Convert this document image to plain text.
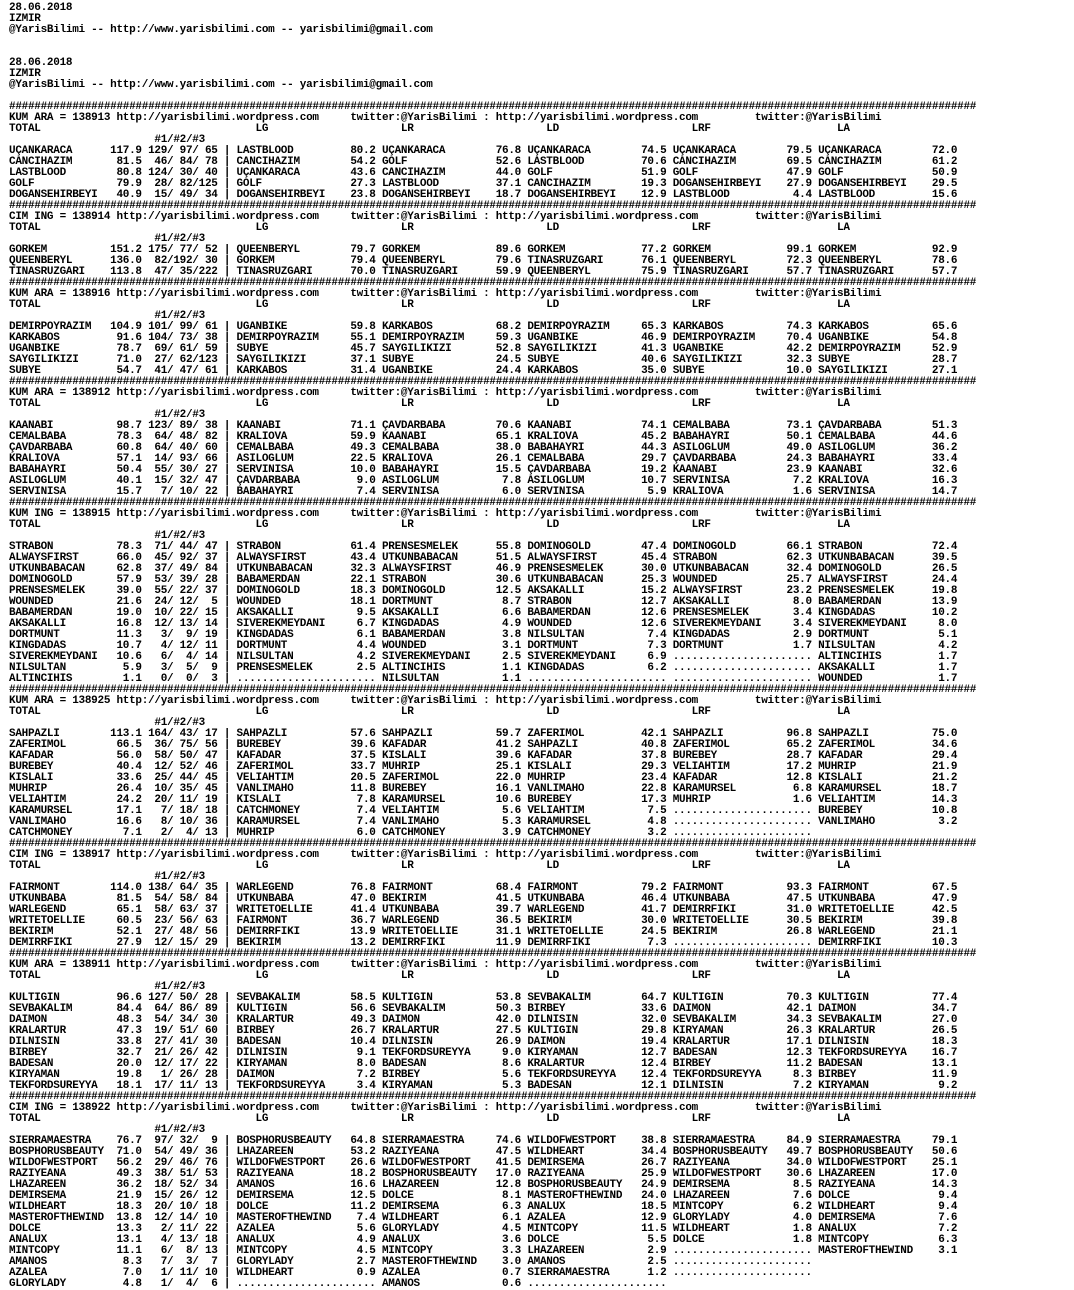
28.06.2018
IZMIR
@YarisBilimi -- http://www.yarisbilimi.com -- yarisbilimi@gmail.com
28.06.2018
IZMIR
@YarisBilimi -- http://www.yarisbilimi.com -- yarisbilimi@gmail.com
#########################################################################################################################################################
KUM ARA = 138913 http://yarisbilimi.wordpress.com     twitter:@YarisBilimi : http://yarisbilimi.wordpress.com         twitter:@YarisBilimi
TOTAL                                  LG                     LR                     LD                     LRF                    LA
#1/#2/#3
UÇANKARACA      117.9 129/ 97/ 65 | LASTBLOOD         80.2 UÇANKARACA        76.8 UÇANKARACA        74.5 UÇANKARACA        79.5 UÇANKARACA        72.0
CANCIHAZIM       81.5  46/ 84/ 78 | CANCIHAZIM        54.2 GOLF              52.6 LASTBLOOD         70.6 CANCIHAZIM        69.5 CANCIHAZIM        61.2
LASTBLOOD        80.8 124/ 30/ 40 | UÇANKARACA        43.6 CANCIHAZIM        44.0 GOLF              51.9 GOLF              47.9 GOLF              50.9
GOLF             79.9  28/ 82/125 | GOLF              27.3 LASTBLOOD         37.1 CANCIHAZIM        19.3 DOGANSEHIRBEYI    27.9 DOGANSEHIRBEYI    29.5
DOGANSEHIRBEYI   40.9  15/ 49/ 34 | DOGANSEHIRBEYI    23.8 DOGANSEHIRBEYI    18.7 DOGANSEHIRBEYI    12.9 LASTBLOOD          4.4 LASTBLOOD         15.6
#########################################################################################################################################################
CIM ING = 138914 http://yarisbilimi.wordpress.com     twitter:@YarisBilimi : http://yarisbilimi.wordpress.com         twitter:@YarisBilimi
TOTAL                                  LG                     LR                     LD                     LRF                    LA
#1/#2/#3
GORKEM          151.2 175/ 77/ 52 | QUEENBERYL        79.7 GORKEM            89.6 GORKEM            77.2 GORKEM            99.1 GORKEM            92.9
QUEENBERYL      136.0  82/192/ 30 | GORKEM            79.4 QUEENBERYL        79.6 TINASRUZGARI      76.1 QUEENBERYL        72.3 QUEENBERYL        78.6
TINASRUZGARI    113.8  47/ 35/222 | TINASRUZGARI      70.0 TINASRUZGARI      59.9 QUEENBERYL        75.9 TINASRUZGARI      57.7 TINASRUZGARI      57.7
#########################################################################################################################################################
KUM ARA = 138916 http://yarisbilimi.wordpress.com     twitter:@YarisBilimi : http://yarisbilimi.wordpress.com         twitter:@YarisBilimi
TOTAL                                  LG                     LR                     LD                     LRF                    LA
#1/#2/#3
DEMIRPOYRAZIM   104.9 101/ 99/ 61 | UGANBIKE          59.8 KARKABOS          68.2 DEMIRPOYRAZIM     65.3 KARKABOS          74.3 KARKABOS          65.6
KARKABOS         91.6 104/ 73/ 38 | DEMIRPOYRAZIM     55.1 DEMIRPOYRAZIM     59.3 UGANBIKE          46.9 DEMIRPOYRAZIM     70.4 UGANBIKE          54.8
UGANBIKE         78.7  69/ 61/ 59 | SUBYE             45.7 SAYGILIKIZI       52.8 SAYGILIKIZI       41.3 UGANBIKE          42.2 DEMIRPOYRAZIM     52.9
SAYGILIKIZI      71.0  27/ 62/123 | SAYGILIKIZI       37.1 SUBYE             24.5 SUBYE             40.6 SAYGILIKIZI       32.3 SUBYE             28.7
SUBYE            54.7  41/ 47/ 61 | KARKABOS          31.4 UGANBIKE          24.4 KARKABOS          35.0 SUBYE             10.0 SAYGILIKIZI       27.1
#########################################################################################################################################################
KUM ARA = 138912 http://yarisbilimi.wordpress.com     twitter:@YarisBilimi : http://yarisbilimi.wordpress.com         twitter:@YarisBilimi
TOTAL                                  LG                     LR                     LD                     LRF                    LA
#1/#2/#3
KAANABI          98.7 123/ 89/ 38 | KAANABI           71.1 ÇAVDARBABA        70.6 KAANABI           74.1 CEMALBABA         73.1 ÇAVDARBABA        51.3
CEMALBABA        78.3  64/ 48/ 82 | KRALIOVA          59.9 KAANABI           65.1 KRALIOVA          45.2 BABAHAYRI         50.1 CEMALBABA         44.6
ÇAVDARBABA       60.8  64/ 40/ 60 | CEMALBABA         49.3 CEMALBABA         38.0 BABAHAYRI         44.3 ASILOGLUM         49.0 ASILOGLUM         36.2
KRALIOVA         57.1  14/ 93/ 66 | ASILOGLUM         22.5 KRALIOVA          26.1 CEMALBABA         29.7 ÇAVDARBABA        24.3 BABAHAYRI         33.4
BABAHAYRI        50.4  55/ 30/ 27 | SERVINISA         10.0 BABAHAYRI         15.5 ÇAVDARBABA        19.2 KAANABI           23.9 KAANABI           32.6
ASILOGLUM        40.1  15/ 32/ 47 | ÇAVDARBABA         9.0 ASILOGLUM          7.8 ASILOGLUM         10.7 SERVINISA          7.2 KRALIOVA          16.3
SERVINISA        15.7   7/ 10/ 22 | BABAHAYRI          7.4 SERVINISA          6.0 SERVINISA          5.9 KRALIOVA           1.6 SERVINISA         14.7
#########################################################################################################################################################
KUM ING = 138915 http://yarisbilimi.wordpress.com     twitter:@YarisBilimi : http://yarisbilimi.wordpress.com         twitter:@YarisBilimi
TOTAL                                  LG                     LR                     LD                     LRF                    LA
#1/#2/#3
STRABON          78.3  71/ 44/ 47 | STRABON           61.4 PRENSESMELEK      55.8 DOMINOGOLD        47.4 DOMINOGOLD        66.1 STRABON           72.4
ALWAYSFIRST      66.0  45/ 92/ 37 | ALWAYSFIRST       43.4 UTKUNBABACAN      51.5 ALWAYSFIRST       45.4 STRABON           62.3 UTKUNBABACAN      39.5
UTKUNBABACAN     62.8  37/ 49/ 84 | UTKUNBABACAN      32.3 ALWAYSFIRST       46.9 PRENSESMELEK      30.0 UTKUNBABACAN      32.4 DOMINOGOLD        26.5
DOMINOGOLD       57.9  53/ 39/ 28 | BABAMERDAN        22.1 STRABON           30.6 UTKUNBABACAN      25.3 WOUNDED           25.7 ALWAYSFIRST       24.4
PRENSESMELEK     39.0  55/ 22/ 37 | DOMINOGOLD        18.3 DOMINOGOLD        12.5 AKSAKALLI         15.2 ALWAYSFIRST       23.2 PRENSESMELEK      19.8
WOUNDED          21.6  24/ 12/  5 | WOUNDED           18.1 DORTMUNT           8.7 STRABON           12.7 AKSAKALLI          8.0 BABAMERDAN        13.9
BABAMERDAN       19.0  10/ 22/ 15 | AKSAKALLI          9.5 AKSAKALLI          6.6 BABAMERDAN        12.6 PRENSESMELEK       3.4 KINGDADAS         10.2
AKSAKALLI        16.8  12/ 13/ 14 | SIVEREKMEYDANI     6.7 KINGDADAS          4.9 WOUNDED           12.6 SIVEREKMEYDANI     3.4 SIVEREKMEYDANI     8.0
DORTMUNT         11.3   3/  9/ 19 | KINGDADAS          6.1 BABAMERDAN         3.8 NILSULTAN          7.4 KINGDADAS          2.9 DORTMUNT           5.1
KINGDADAS        10.7   4/ 12/ 11 | DORTMUNT           4.4 WOUNDED            3.1 DORTMUNT           7.3 DORTMUNT           1.7 NILSULTAN          4.2
SIVEREKMEYDANI   10.6   6/  4/ 14 | NILSULTAN          4.2 SIVEREKMEYDANI     2.5 SIVEREKMEYDANI     6.9 ...................... ALTINCIHIS         1.7
NILSULTAN         5.9   3/  5/  9 | PRENSESMELEK       2.5 ALTINCIHIS         1.1 KINGDADAS          6.2 ...................... AKSAKALLI          1.7
ALTINCIHIS        1.1   0/  0/  3 | ...................... NILSULTAN          1.1 ...................... ...................... WOUNDED            1.7
#########################################################################################################################################################
KUM ARA = 138925 http://yarisbilimi.wordpress.com     twitter:@YarisBilimi : http://yarisbilimi.wordpress.com         twitter:@YarisBilimi
TOTAL                                  LG                     LR                     LD                     LRF                    LA
#1/#2/#3
SAHPAZLI        113.1 164/ 43/ 17 | SAHPAZLI          57.6 SAHPAZLI          59.7 ZAFERIMOL         42.1 SAHPAZLI          96.8 SAHPAZLI          75.0
ZAFERIMOL        66.5  36/ 75/ 56 | BUREBEY           39.6 KAFADAR           41.2 SAHPAZLI          40.8 ZAFERIMOL         65.2 ZAFERIMOL         34.6
KAFADAR          56.0  58/ 50/ 47 | KAFADAR           37.5 KISLALI           39.6 KAFADAR           37.8 BUREBEY           28.7 KAFADAR           29.4
BUREBEY          40.4  12/ 52/ 46 | ZAFERIMOL         33.7 MUHRIP            25.1 KISLALI           29.3 VELIAHTIM         17.2 MUHRIP            21.9
KISLALI          33.6  25/ 44/ 45 | VELIAHTIM         20.5 ZAFERIMOL         22.0 MUHRIP            23.4 KAFADAR           12.8 KISLALI           21.2
MUHRIP           26.4  10/ 35/ 45 | VANLIMAHO         11.8 BUREBEY           16.1 VANLIMAHO         22.8 KARAMURSEL         6.8 KARAMURSEL        18.7
VELIAHTIM        24.2  20/ 11/ 19 | KISLALI            7.8 KARAMURSEL        10.6 BUREBEY           17.3 MUHRIP             1.6 VELIAHTIM         14.3
KARAMURSEL       17.1   7/ 18/ 18 | CATCHMONEY         7.4 VELIAHTIM          5.6 VELIAHTIM          7.5 ...................... BUREBEY           10.8
VANLIMAHO        16.6   8/ 10/ 36 | KARAMURSEL         7.4 VANLIMAHO          5.3 KARAMURSEL         4.8 ...................... VANLIMAHO          3.2
CATCHMONEY        7.1   2/  4/ 13 | MUHRIP             6.0 CATCHMONEY         3.9 CATCHMONEY         3.2 ......................
#########################################################################################################################################################
CIM ING = 138917 http://yarisbilimi.wordpress.com     twitter:@YarisBilimi : http://yarisbilimi.wordpress.com         twitter:@YarisBilimi
TOTAL                                  LG                     LR                     LD                     LRF                    LA
#1/#2/#3
FAIRMONT        114.0 138/ 64/ 35 | WARLEGEND         76.8 FAIRMONT          68.4 FAIRMONT          79.2 FAIRMONT          93.3 FAIRMONT          67.5
UTKUNBABA        81.5  54/ 58/ 84 | UTKUNBABA         47.0 BEKIRIM           41.5 UTKUNBABA         46.4 UTKUNBABA         47.5 UTKUNBABA         47.9
WARLEGEND        65.1  58/ 63/ 37 | WRITETOELLIE      41.4 UTKUNBABA         39.7 WARLEGEND         41.7 DEMIRRFIKI        31.0 WRITETOELLIE      42.5
WRITETOELLIE     60.5  23/ 56/ 63 | FAIRMONT          36.7 WARLEGEND         36.5 BEKIRIM           30.0 WRITETOELLIE      30.5 BEKIRIM           39.8
BEKIRIM          52.1  27/ 48/ 56 | DEMIRRFIKI        13.9 WRITETOELLIE      31.1 WRITETOELLIE      24.5 BEKIRIM           26.8 WARLEGEND         21.1
DEMIRRFIKI       27.9  12/ 15/ 29 | BEKIRIM           13.2 DEMIRRFIKI        11.9 DEMIRRFIKI         7.3 ...................... DEMIRRFIKI        10.3
#########################################################################################################################################################
KUM ARA = 138911 http://yarisbilimi.wordpress.com     twitter:@YarisBilimi : http://yarisbilimi.wordpress.com         twitter:@YarisBilimi
TOTAL                                  LG                     LR                     LD                     LRF                    LA
#1/#2/#3
KULTIGIN         96.6 127/ 50/ 28 | SEVBAKALIM        58.5 KULTIGIN          53.8 SEVBAKALIM        64.7 KULTIGIN          70.3 KULTIGIN          77.4
SEVBAKALIM       84.4  64/ 86/ 89 | KULTIGIN          56.6 SEVBAKALIM        50.3 BIRBEY            33.6 DAIMON            42.1 DAIMON            34.7
DAIMON           48.3  54/ 34/ 30 | KRALARTUR         49.3 DAIMON            42.0 DILNISIN          32.0 SEVBAKALIM        34.3 SEVBAKALIM        27.0
KRALARTUR        47.3  19/ 51/ 60 | BIRBEY            26.7 KRALARTUR         27.5 KULTIGIN          29.8 KIRYAMAN          26.3 KRALARTUR         26.5
DILNISIN         33.8  27/ 41/ 30 | BADESAN           10.4 DILNISIN          26.9 DAIMON            19.4 KRALARTUR         17.1 DILNISIN          18.3
BIRBEY           32.7  21/ 26/ 42 | DILNISIN           9.1 TEKFORDSUREYYA     9.0 KIRYAMAN          12.7 BADESAN           12.3 TEKFORDSUREYYA    16.7
BADESAN          20.0  12/ 17/ 22 | KIRYAMAN           8.0 BADESAN            8.6 KRALARTUR         12.4 BIRBEY            11.2 BADESAN           13.1
KIRYAMAN         19.8   1/ 26/ 28 | DAIMON             7.2 BIRBEY             5.6 TEKFORDSUREYYA    12.4 TEKFORDSUREYYA     8.3 BIRBEY            11.9
TEKFORDSUREYYA   18.1  17/ 11/ 13 | TEKFORDSUREYYA     3.4 KIRYAMAN           5.3 BADESAN           12.1 DILNISIN           7.2 KIRYAMAN           9.2
#########################################################################################################################################################
CIM ING = 138922 http://yarisbilimi.wordpress.com     twitter:@YarisBilimi : http://yarisbilimi.wordpress.com         twitter:@YarisBilimi
TOTAL                                  LG                     LR                     LD                     LRF                    LA
#1/#2/#3
SIERRAMAESTRA    76.7  97/ 32/  9 | BOSPHORUSBEAUTY   64.8 SIERRAMAESTRA     74.6 WILDOFWESTPORT    38.8 SIERRAMAESTRA     84.9 SIERRAMAESTRA     79.1
BOSPHORUSBEAUTY  71.0  54/ 49/ 36 | LHAZAREEN         53.2 RAZIYEANA         47.5 WILDHEART         34.4 BOSPHORUSBEAUTY   49.7 BOSPHORUSBEAUTY   50.6
WILDOFWESTPORT   56.2  29/ 46/ 76 | WILDOFWESTPORT    26.6 WILDOFWESTPORT    41.5 DEMIRSEMA         26.7 RAZIYEANA         34.0 WILDOFWESTPORT    25.1
RAZIYEANA        49.3  38/ 51/ 53 | RAZIYEANA         18.2 BOSPHORUSBEAUTY   17.0 RAZIYEANA         25.9 WILDOFWESTPORT    30.6 LHAZAREEN         17.0
LHAZAREEN        36.2  18/ 52/ 34 | AMANOS            16.6 LHAZAREEN         12.8 BOSPHORUSBEAUTY   24.9 DEMIRSEMA          8.5 RAZIYEANA         14.3
DEMIRSEMA        21.9  15/ 26/ 12 | DEMIRSEMA         12.5 DOLCE              8.1 MASTEROFTHEWIND   24.0 LHAZAREEN          7.6 DOLCE              9.4
WILDHEART        18.3  20/ 10/ 18 | DOLCE             11.2 DEMIRSEMA          6.3 ANALUX            18.5 MINTCOPY           6.2 WILDHEART          9.4
MASTEROFTHEWIND  13.8  12/ 14/ 10 | MASTEROFTHEWIND    7.4 WILDHEART          6.1 AZALEA            12.9 GLORYLADY          4.0 DEMIRSEMA          7.6
DOLCE            13.3   2/ 11/ 22 | AZALEA             5.6 GLORYLADY          4.5 MINTCOPY          11.5 WILDHEART          1.8 ANALUX             7.2
ANALUX           13.1   4/ 13/ 18 | ANALUX             4.9 ANALUX             3.6 DOLCE              5.5 DOLCE              1.8 MINTCOPY           6.3
MINTCOPY         11.1   6/  8/ 13 | MINTCOPY           4.5 MINTCOPY           3.3 LHAZAREEN          2.9 ...................... MASTEROFTHEWIND    3.1
AMANOS            8.3   7/  3/  7 | GLORYLADY          2.7 MASTEROFTHEWIND    3.0 AMANOS             2.5 ......................
AZALEA            7.0   1/ 11/ 10 | WILDHEART          0.9 AZALEA             0.7 SIERRAMAESTRA      1.2 ......................
GLORYLADY         4.8   1/  4/  6 | ...................... AMANOS             0.6 ......................
